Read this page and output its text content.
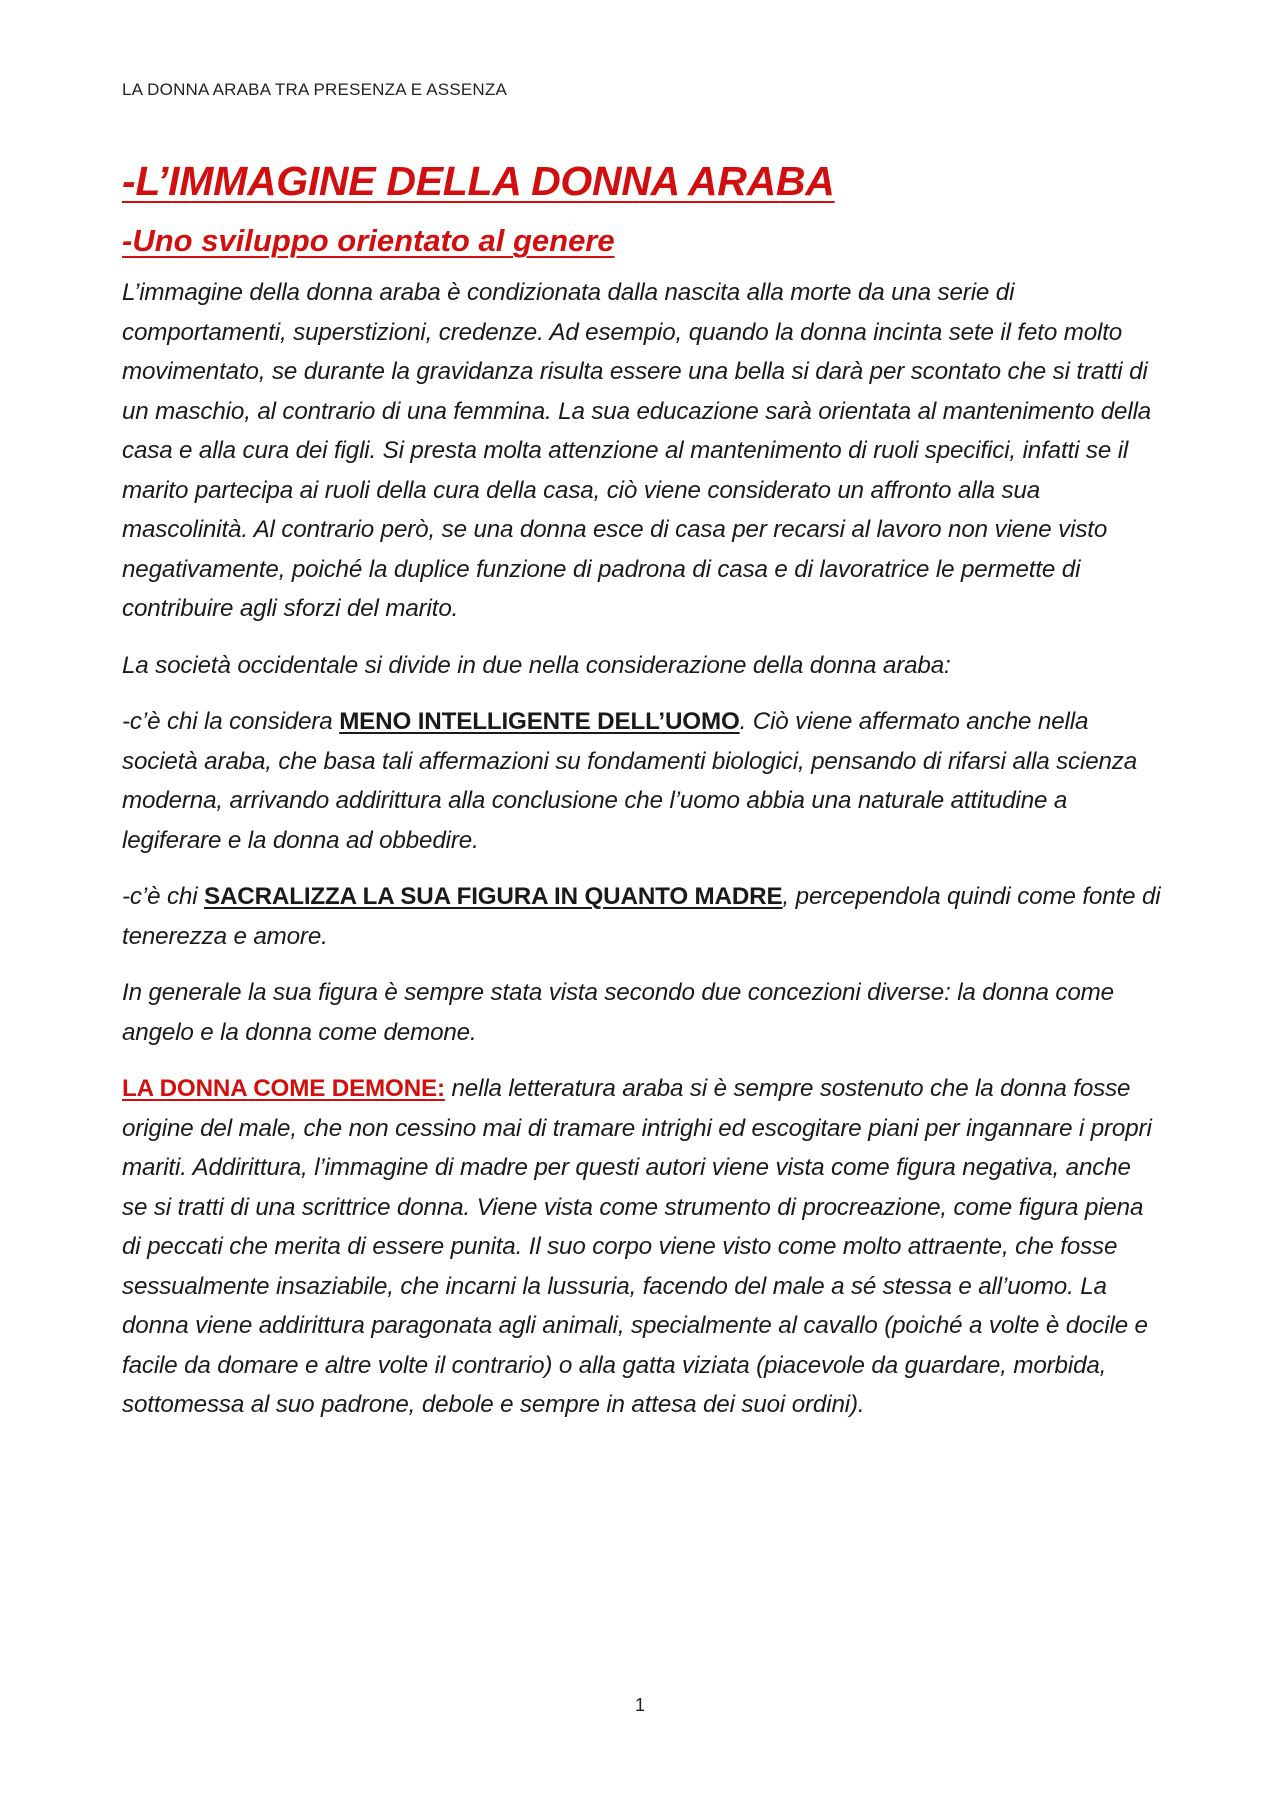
LA DONNA ARABA TRA PRESENZA E ASSENZA
-L’IMMAGINE DELLA DONNA ARABA
-Uno sviluppo orientato al genere

L’immagine della donna araba è condizionata dalla nascita alla morte da una serie di comportamenti, superstizioni, credenze. Ad esempio, quando la donna incinta sete il feto molto movimentato, se durante la gravidanza risulta essere una bella si darà per scontato che si tratti di un maschio, al contrario di una femmina. La sua educazione sarà orientata al mantenimento della casa e alla cura dei figli. Si presta molta attenzione al mantenimento di ruoli specifici, infatti se il marito partecipa ai ruoli della cura della casa, ciò viene considerato un affronto alla sua mascolinità. Al contrario però, se una donna esce di casa per recarsi al lavoro non viene visto negativamente, poiché la duplice funzione di padrona di casa e di lavoratrice le permette di contribuire agli sforzi del marito.

La società occidentale si divide in due nella considerazione della donna araba:

-c’è chi la considera MENO INTELLIGENTE DELL’UOMO. Ciò viene affermato anche nella società araba, che basa tali affermazioni su fondamenti biologici, pensando di rifarsi alla scienza moderna, arrivando addirittura alla conclusione che l’uomo abbia una naturale attitudine a legiferare e la donna ad obbedire.

-c’è chi SACRALIZZA LA SUA FIGURA IN QUANTO MADRE, percependola quindi come fonte di tenerezza e amore.

In generale la sua figura è sempre stata vista secondo due concezioni diverse: la donna come angelo e la donna come demone.

LA DONNA COME DEMONE: nella letteratura araba si è sempre sostenuto che la donna fosse origine del male, che non cessino mai di tramare intrighi ed escogitare piani per ingannare i propri mariti. Addirittura, l’immagine di madre per questi autori viene vista come figura negativa, anche se si tratti di una scrittrice donna. Viene vista come strumento di procreazione, come figura piena di peccati che merita di essere punita. Il suo corpo viene visto come molto attraente, che fosse sessualmente insaziabile, che incarni la lussuria, facendo del male a sé stessa e all’uomo. La donna viene addirittura paragonata agli animali, specialmente al cavallo (poiché a volte è docile e facile da domare e altre volte il contrario) o alla gatta viziata (piacevole da guardare, morbida, sottomessa al suo padrone, debole e sempre in attesa dei suoi ordini).

1
